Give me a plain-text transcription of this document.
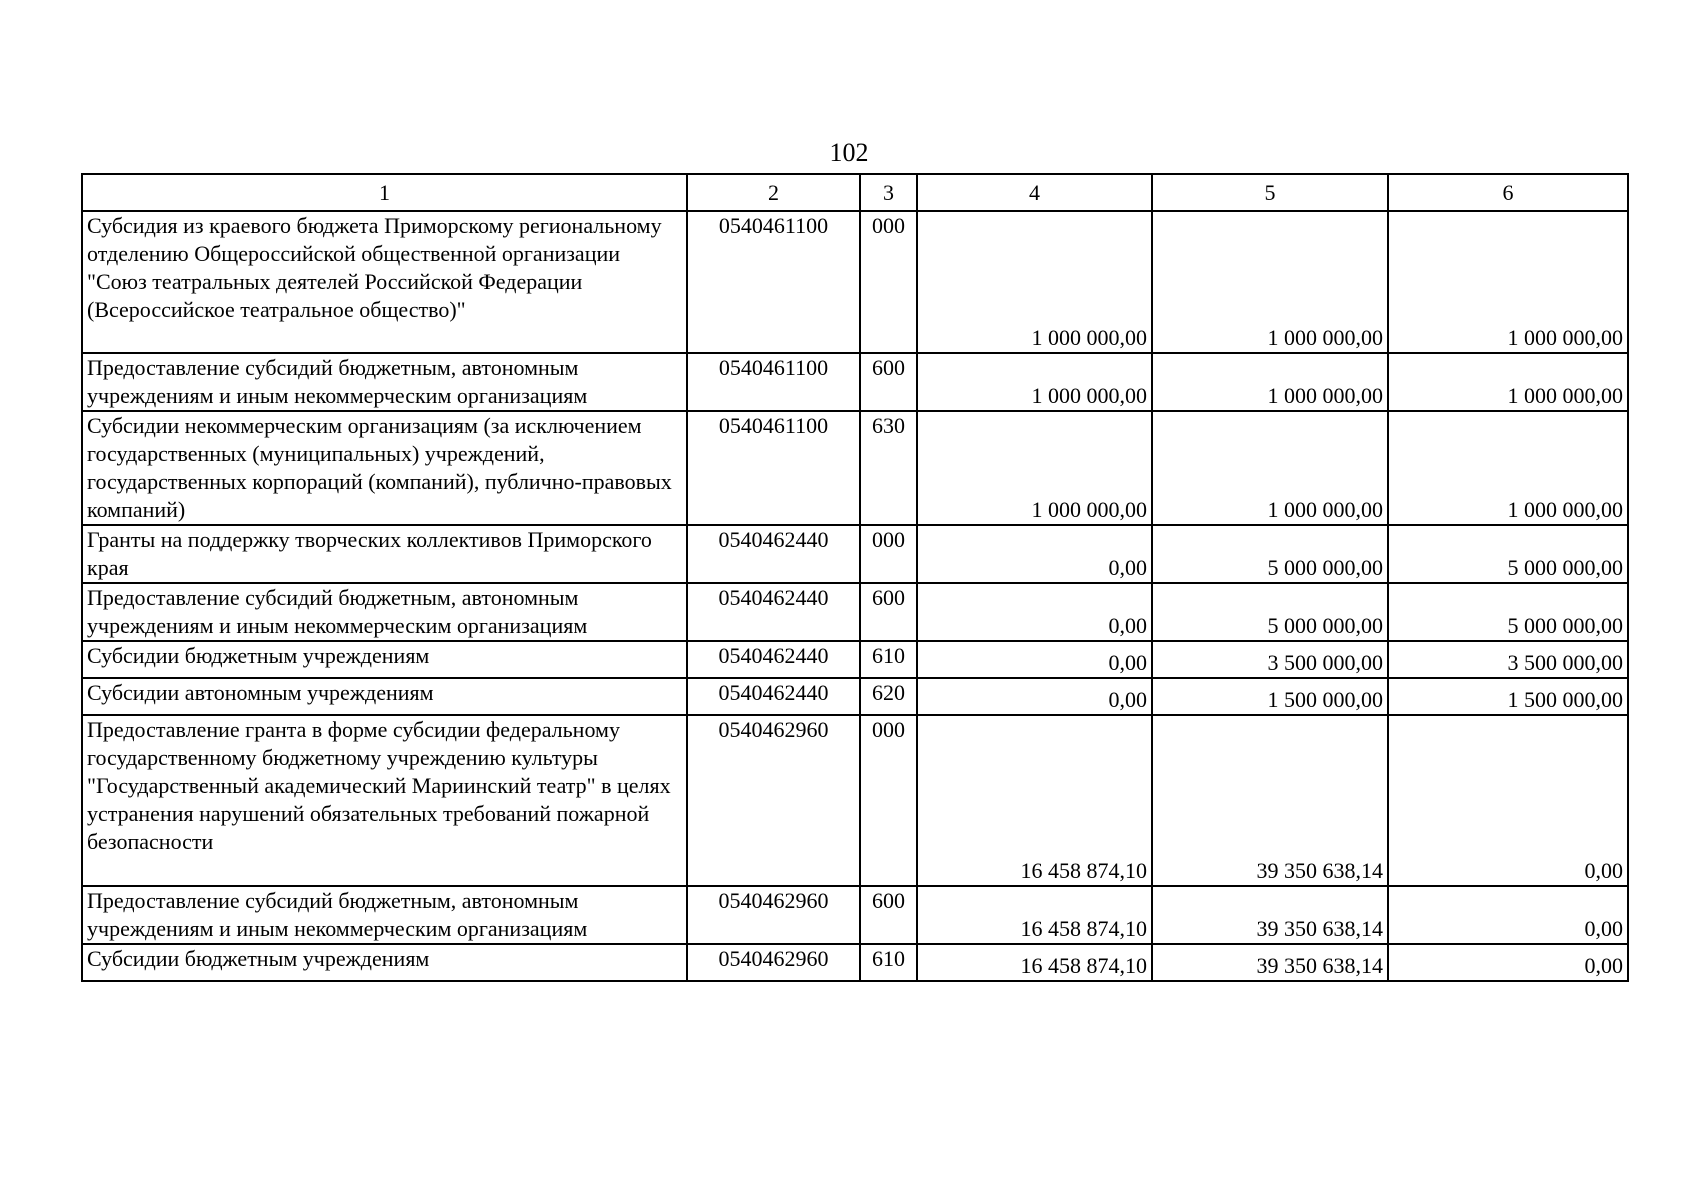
102
1	2	3	4	5	6
Субсидия из краевого бюджета Приморскому региональному отделению Общероссийской общественной организации "Союз театральных деятелей Российской Федерации (Всероссийское театральное общество)"	0540461100	000	1 000 000,00	1 000 000,00	1 000 000,00
Предоставление субсидий бюджетным, автономным учреждениям и иным некоммерческим организациям	0540461100	600	1 000 000,00	1 000 000,00	1 000 000,00
Субсидии некоммерческим организациям (за исключением государственных (муниципальных) учреждений, государственных корпораций (компаний), публично-правовых компаний)	0540461100	630	1 000 000,00	1 000 000,00	1 000 000,00
Гранты на поддержку творческих коллективов Приморского края	0540462440	000	0,00	5 000 000,00	5 000 000,00
Предоставление субсидий бюджетным, автономным учреждениям и иным некоммерческим организациям	0540462440	600	0,00	5 000 000,00	5 000 000,00
Субсидии бюджетным учреждениям	0540462440	610	0,00	3 500 000,00	3 500 000,00
Субсидии автономным учреждениям	0540462440	620	0,00	1 500 000,00	1 500 000,00
Предоставление гранта в форме субсидии федеральному государственному бюджетному учреждению культуры "Государственный академический Мариинский театр" в целях устранения нарушений обязательных требований пожарной безопасности	0540462960	000	16 458 874,10	39 350 638,14	0,00
Предоставление субсидий бюджетным, автономным учреждениям и иным некоммерческим организациям	0540462960	600	16 458 874,10	39 350 638,14	0,00
Субсидии бюджетным учреждениям	0540462960	610	16 458 874,10	39 350 638,14	0,00
